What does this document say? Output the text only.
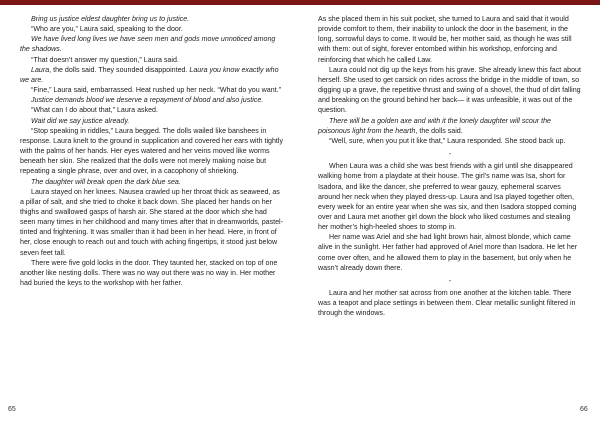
Bring us justice eldest daughter bring us to justice.

“Who are you,” Laura said, speaking to the door.

We have lived long lives we have seen men and gods move unnoticed among the shadows.

“That doesn’t answer my question,” Laura said.

Laura, the dolls said. They sounded disappointed. Laura you know exactly who we are.

“Fine,” Laura said, embarrassed. Heat rushed up her neck. “What do you want.”

Justice demands blood we deserve a repayment of blood and also justice.

“What can I do about that,” Laura asked.

Wait did we say justice already.

“Stop speaking in riddles,” Laura begged. The dolls wailed like banshees in response. Laura knelt to the ground in supplication and covered her ears with tightly with the palms of her hands. Her eyes watered and her veins moved like worms beneath her skin. She realized that the dolls were not merely making noise but repeating a single phrase, over and over, in a cacophony of shrieking.

The daughter will break open the dark blue sea.

Laura stayed on her knees. Nausea crawled up her throat thick as seaweed, as a pillar of salt, and she tried to choke it back down. She placed her hands on her thighs and swallowed gasps of harsh air. She stared at the door which she had seen many times in her childhood and many times after that in dreamworlds, pastel-tinted and frightening. It was smaller than it had been in her head. Here, in front of her, close enough to reach out and touch with aching fingertips, it stood just below seven feet tall.

There were five gold locks in the door. They taunted her, stacked on top of one another like nesting dolls. There was no way out there was no way in. Her mother had buried the keys to the workshop with her father.

As she placed them in his suit pocket, she turned to Laura and said that it would provide comfort to them, their inability to unlock the door in the basement, in the long, sorrowful days to come. It would be, her mother said, as though he was still with them: out of sight, forever entombed within his workshop, enforcing and reinforcing that which he called Law.

Laura could not dig up the keys from his grave. She already knew this fact about herself. She used to get carsick on rides across the bridge in the middle of town, so digging up a grave, the repetitive thrust and swing of a shovel, the thud of dirt falling and breaking on the ground behind her back— it was unfeasible, it was out of the question.

There will be a golden axe and with it the lonely daughter will scour the poisonous light from the hearth, the dolls said.

“Well, sure, when you put it like that,” Laura responded. She stood back up.

-

When Laura was a child she was best friends with a girl until she disappeared walking home from a playdate at their house. The girl’s name was Isa, short for Isadora, and like the dancer, she preferred to wear gauzy, ephemeral scarves around her neck when they played dress-up. Laura and Isa played together often, every week for an entire year when she was six, and then Isadora stopped coming over and Laura met another girl down the block who liked costumes and stealing her mother’s high-heeled shoes to stomp in.

Her name was Ariel and she had light brown hair, almost blonde, which came alive in the sunlight. Her father had approved of Ariel more than Isadora. He let her come over often, and he allowed them to play in the basement, but only when he wasn’t already down there.

-

Laura and her mother sat across from one another at the kitchen table. There was a teapot and place settings in between them. Clear metallic sunlight filtered in through the windows.

65	66
